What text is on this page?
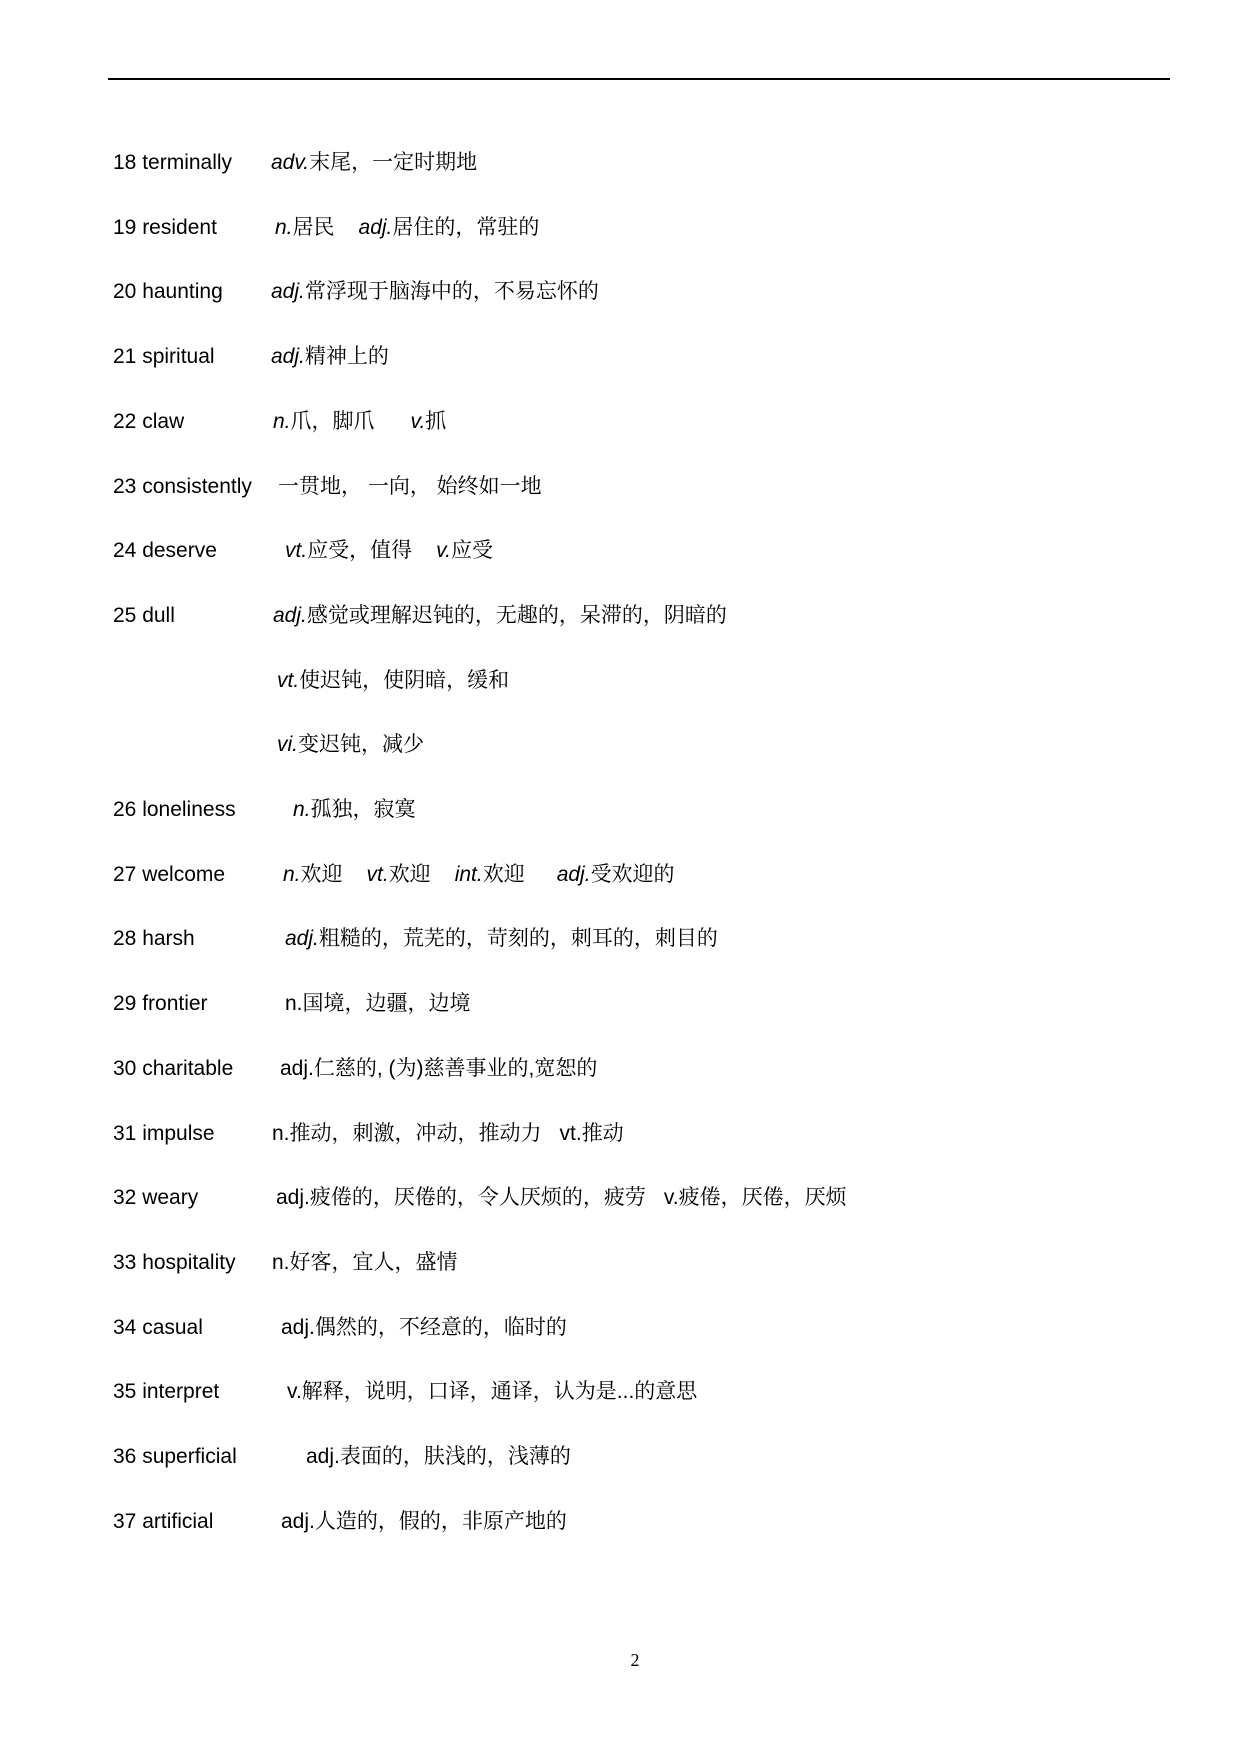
18 terminally adv.末尾，一定时期地
19 resident	n.居民 adj.居住的，常驻的
20 haunting adj.常浮现于脑海中的，不易忘怀的
21 spiritual	adj.精神上的
22 claw	n.爪，脚爪 v.抓
23 consistently 一贯地， 一向， 始终如一地
24 deserve	vt.应受，值得 v.应受
25 dull	adj.感觉或理解迟钝的，无趣的，呆滞的，阴暗的
vt.使迟钝，使阴暗，缓和
vi.变迟钝，减少
26 loneliness	n.孤独，寂寞
27 welcome	n.欢迎 vt.欢迎 int.欢迎 adj.受欢迎的
28 harsh	adj.粗糙的，荒芜的，苛刻的，刺耳的，刺目的
29 frontier	n.国境，边疆，边境
30 charitable adj.仁慈的, (为)慈善事业的,宽恕的
31 impulse	n.推动，刺激，冲动，推动力 vt.推动
32 weary	adj.疲倦的，厌倦的，令人厌烦的，疲劳 v.疲倦，厌倦，厌烦
33 hospitality n.好客，宜人，盛情
34 casual	adj.偶然的，不经意的，临时的
35 interpret	v.解释，说明，口译，通译，认为是...的意思
36 superficial	adj.表面的，肤浅的，浅薄的
37 artificial	adj.人造的，假的，非原产地的
2
